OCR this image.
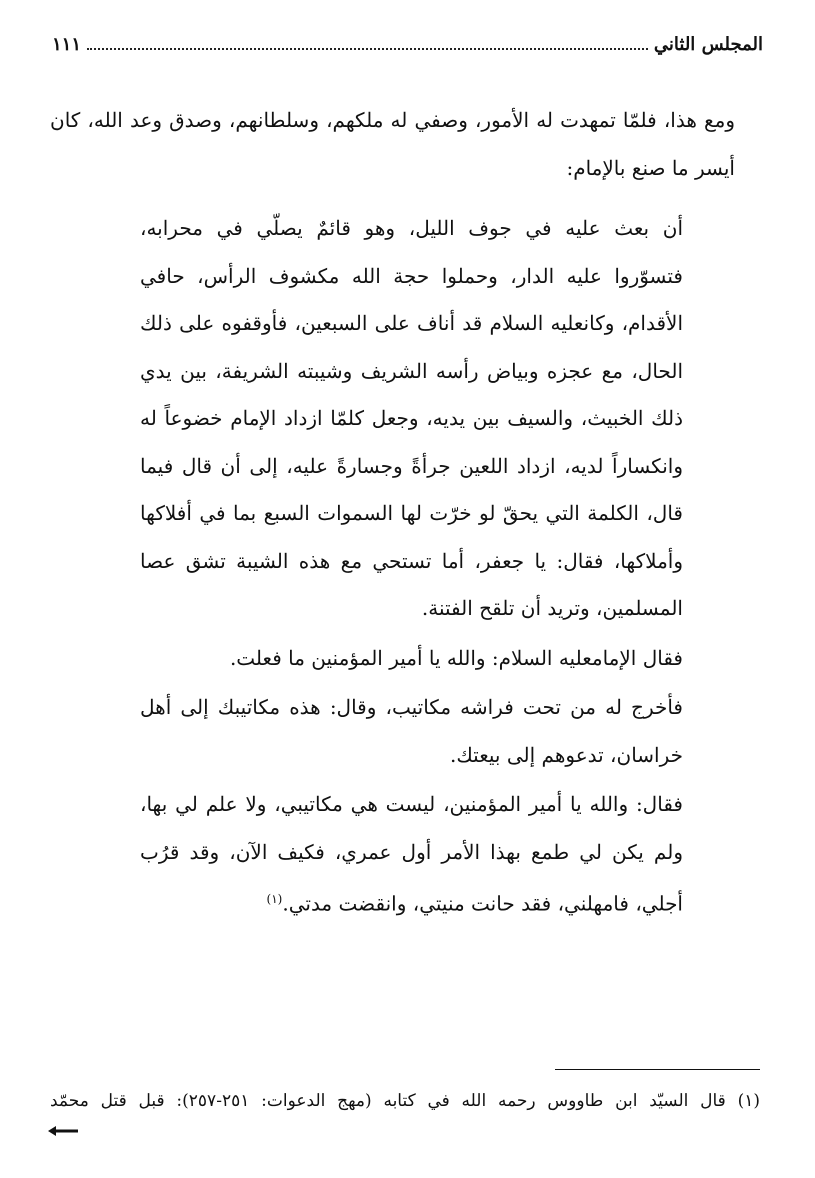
المجلس الثاني
١١١
ومع هذا، فلمّا تمهدت له الأمور، وصفي له ملكهم، وسلطانهم، وصدق وعد الله، كان أيسر ما صنع بالإمام:

أن بعث عليه في جوف الليل، وهو قائمٌ يصلّي في محرابه، فتسوّروا عليه الدار، وحملوا حجة الله مكشوف الرأس، حافي الأقدام، وكانعليه السلام قد أناف على السبعين، فأوقفوه على ذلك الحال، مع عجزه وبياض رأسه الشريف وشيبته الشريفة، بين يدي ذلك الخبيث، والسيف بين يديه، وجعل كلمّا ازداد الإمام خضوعاً له وانكساراً لديه، ازداد اللعين جرأةً وجسارةً عليه، إلى أن قال فيما قال، الكلمة التي يحقّ لو خرّت لها السموات السبع بما في أفلاكها وأملاكها، فقال: يا جعفر، أما تستحي مع هذه الشيبة تشق عصا المسلمين، وتريد أن تلقح الفتنة.

فقال الإمامعليه السلام: والله يا أمير المؤمنين ما فعلت.

فأخرج له من تحت فراشه مكاتيب، وقال: هذه مكاتيبك إلى أهل خراسان، تدعوهم إلى بيعتك.

فقال: والله يا أمير المؤمنين، ليست هي مكاتيبي، ولا علم لي بها، ولم يكن لي طمع بهذا الأمر أول عمري، فكيف الآن، وقد قرُب أجلي، فامهلني، فقد حانت منيتي، وانقضت مدتي.$^{(١)}$

(١) قال السيّد ابن طاووس رحمه الله في كتابه (مهج الدعوات: ٢٥١-٢٥٧): قبل قتل محمّد
